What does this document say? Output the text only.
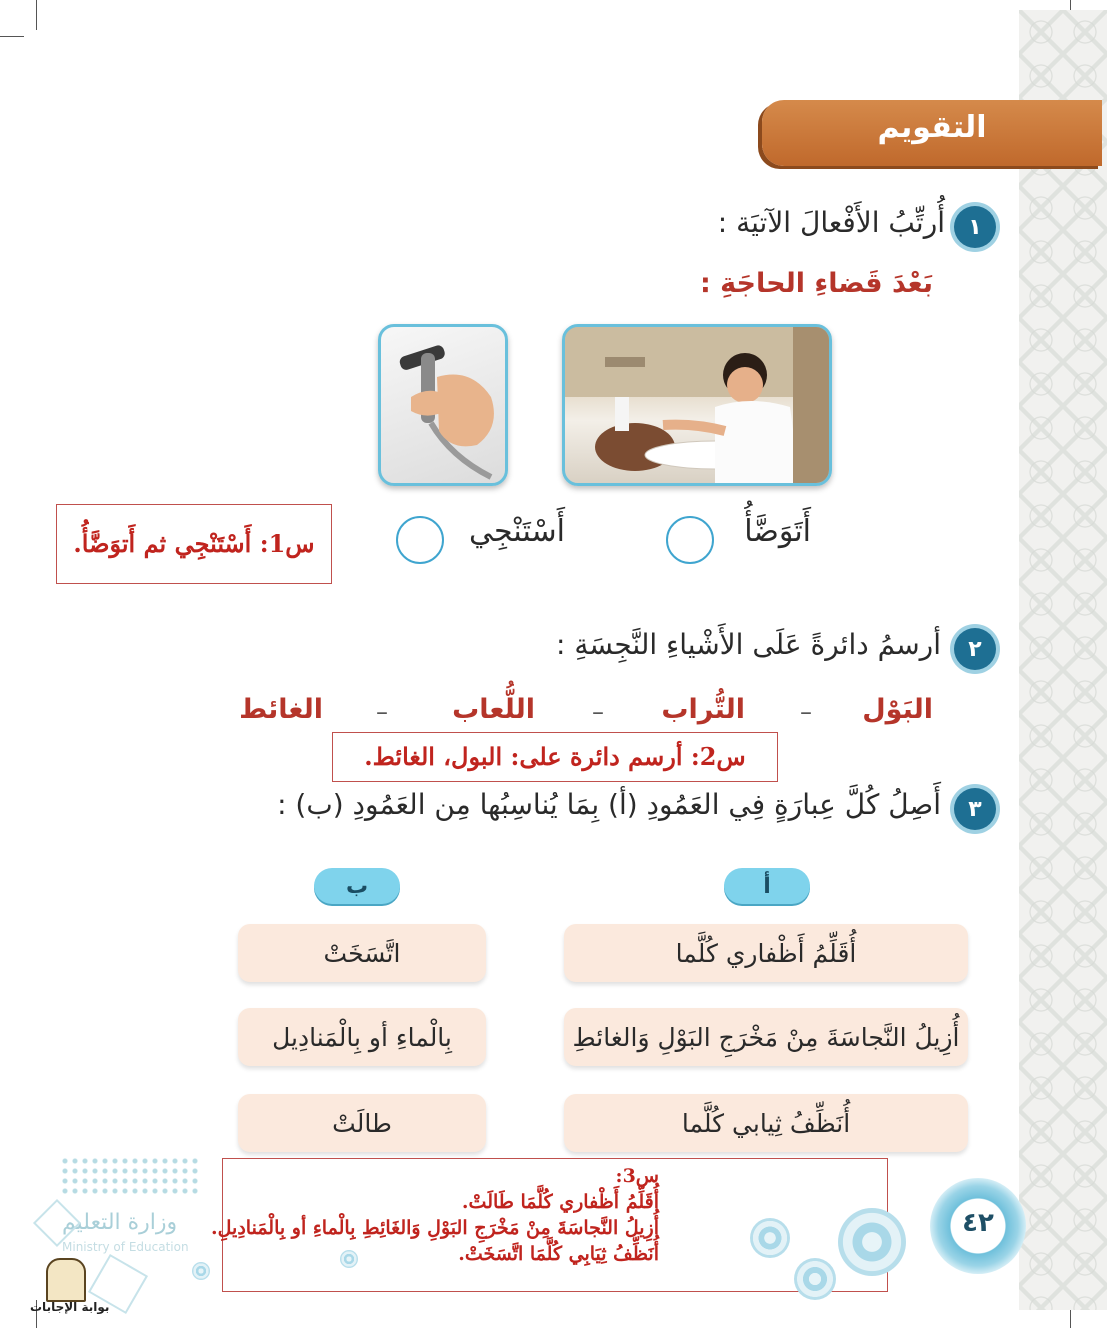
التقويم
١
أُرتِّبُ الأَفْعالَ الآتيَة :
بَعْدَ قَضاءِ الحاجَةِ :
أَتَوَضَّأُ
أَسْتَنْجِي
س1: أَسْتَنْجِي ثم أَتوَضَّأُ.
٢
أرسمُ دائرةً عَلَى الأَشْياءِ النَّجِسَةِ :
البَوْل
–
التُّراب
–
اللُّعاب
–
الغائط
س2: أرسم دائرة على: البول، الغائط.
٣
أَصِلُ كُلَّ عِبارَةٍ فِي العَمُودِ (أ) بِمَا يُناسِبُها مِن العَمُودِ (ب) :
أ
ب
أُقَلِّمُ أَظْفاري كُلَّما
أُزِيلُ النَّجاسَةَ مِنْ مَخْرَجِ البَوْلِ وَالغائطِ
أُنَظِّفُ ثِيابي كُلَّما
اتَّسَخَتْ
بِالْماءِ أو بِالْمَنادِيل
طالَتْ
س3:
أُقَلِّمُ أَظْفاري كُلَّمَا طَالَتْ.
أُزِيلُ النَّجاسَةَ مِنْ مَخْرَجِ البَوْلِ وَالغَائِطِ بِالْماءِ أو بِالْمَنادِيلِ.
أُنَظِّفُ ثِيَابِي كُلَّمَا اتَّسَخَتْ.
٤٢
وزارة التعليم
Ministry of Education
بوابة الإجابات
